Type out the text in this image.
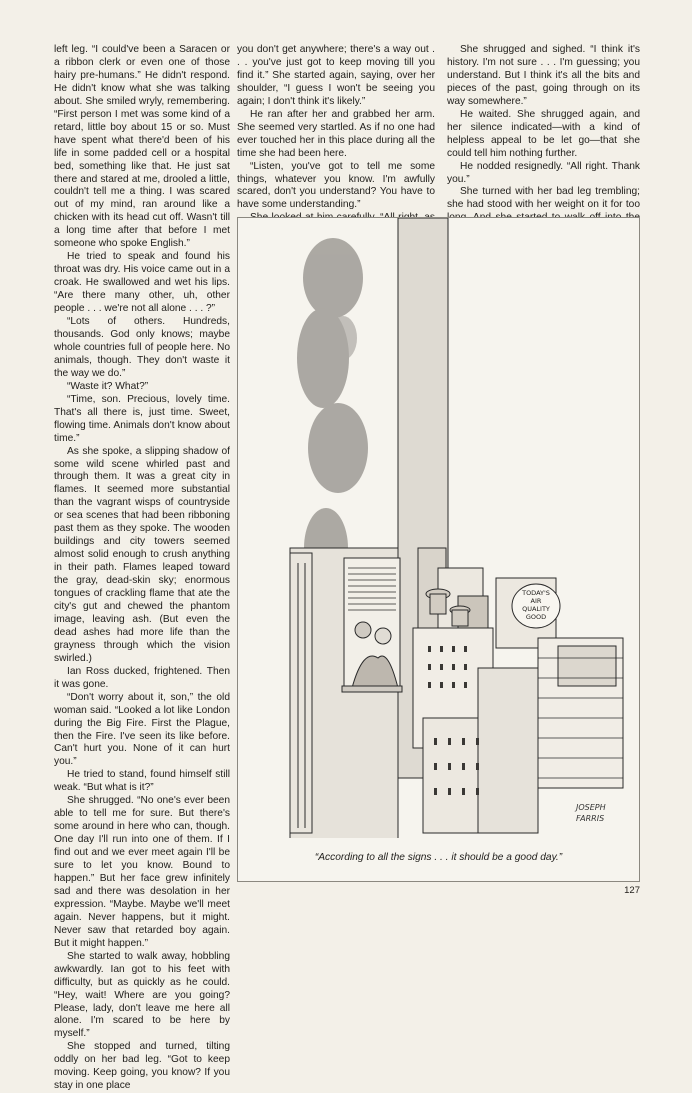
left leg. “I could've been a Saracen or a ribbon clerk or even one of those hairy pre-humans.” He didn't respond. He didn't know what she was talking about. She smiled wryly, remembering. “First person I met was some kind of a retard, little boy about 15 or so. Must have spent what there'd been of his life in some padded cell or a hospital bed, something like that. He just sat there and stared at me, drooled a little, couldn't tell me a thing. I was scared out of my mind, ran around like a chicken with its head cut off. Wasn't till a long time after that before I met someone who spoke English.”

He tried to speak and found his throat was dry. His voice came out in a croak. He swallowed and wet his lips. “Are there many other, uh, other people . . . we're not all alone . . . ?”

“Lots of others. Hundreds, thousands. God only knows; maybe whole countries full of people here. No animals, though. They don't waste it the way we do.”

“Waste it? What?”

“Time, son. Precious, lovely time. That's all there is, just time. Sweet, flowing time. Animals don't know about time.”

As she spoke, a slipping shadow of some wild scene whirled past and through them. It was a great city in flames. It seemed more substantial than the vagrant wisps of countryside or sea scenes that had been ribboning past them as they spoke. The wooden buildings and city towers seemed almost solid enough to crush anything in their path. Flames leaped toward the gray, dead-skin sky; enormous tongues of crackling flame that ate the city's gut and chewed the phantom image, leaving ash. (But even the dead ashes had more life than the grayness through which the vision swirled.)

Ian Ross ducked, frightened. Then it was gone.

“Don't worry about it, son,” the old woman said. “Looked a lot like London during the Big Fire. First the Plague, then the Fire. I've seen its like before. Can't hurt you. None of it can hurt you.”

He tried to stand, found himself still weak. “But what is it?”

She shrugged. “No one's ever been able to tell me for sure. But there's some around in here who can, though. One day I'll run into one of them. If I find out and we ever meet again I'll be sure to let you know. Bound to happen.” But her face grew infinitely sad and there was desolation in her expression. “Maybe. Maybe we'll meet again. Never happens, but it might. Never saw that retarded boy again. But it might happen.”

She started to walk away, hobbling awkwardly. Ian got to his feet with difficulty, but as quickly as he could. “Hey, wait! Where are you going? Please, lady, don't leave me here all alone. I'm scared to be here by myself.”

She stopped and turned, tilting oddly on her bad leg. “Got to keep moving. Keep going, you know? If you stay in one place

you don't get anywhere; there's a way out . . . you've just got to keep moving till you find it.” She started again, saying, over her shoulder, “I guess I won't be seeing you again; I don't think it's likely.”

He ran after her and grabbed her arm. She seemed very startled. As if no one had ever touched her in this place during all the time she had been here.

“Listen, you've got to tell me some things, whatever you know. I'm awfully scared, don't you understand? You have to have some understanding.”

She shrugged and sighed. “I think it's history. I'm not sure . . . I'm guessing; you understand. But I think it's all the bits and pieces of the past, going through on its way somewhere.”

He waited. She shrugged again, and her silence indicated—with a kind of helpless appeal to be let go—that she could tell him nothing further.

He nodded resignedly. “All right. Thank you.”

She turned with her bad leg trembling; she had stood with her weight on it for too

TODAY'S
AIR
QUALITY
GOOD
JOSEPH
FARRIS
“According to all the signs . . . it should be a good day.”
127
